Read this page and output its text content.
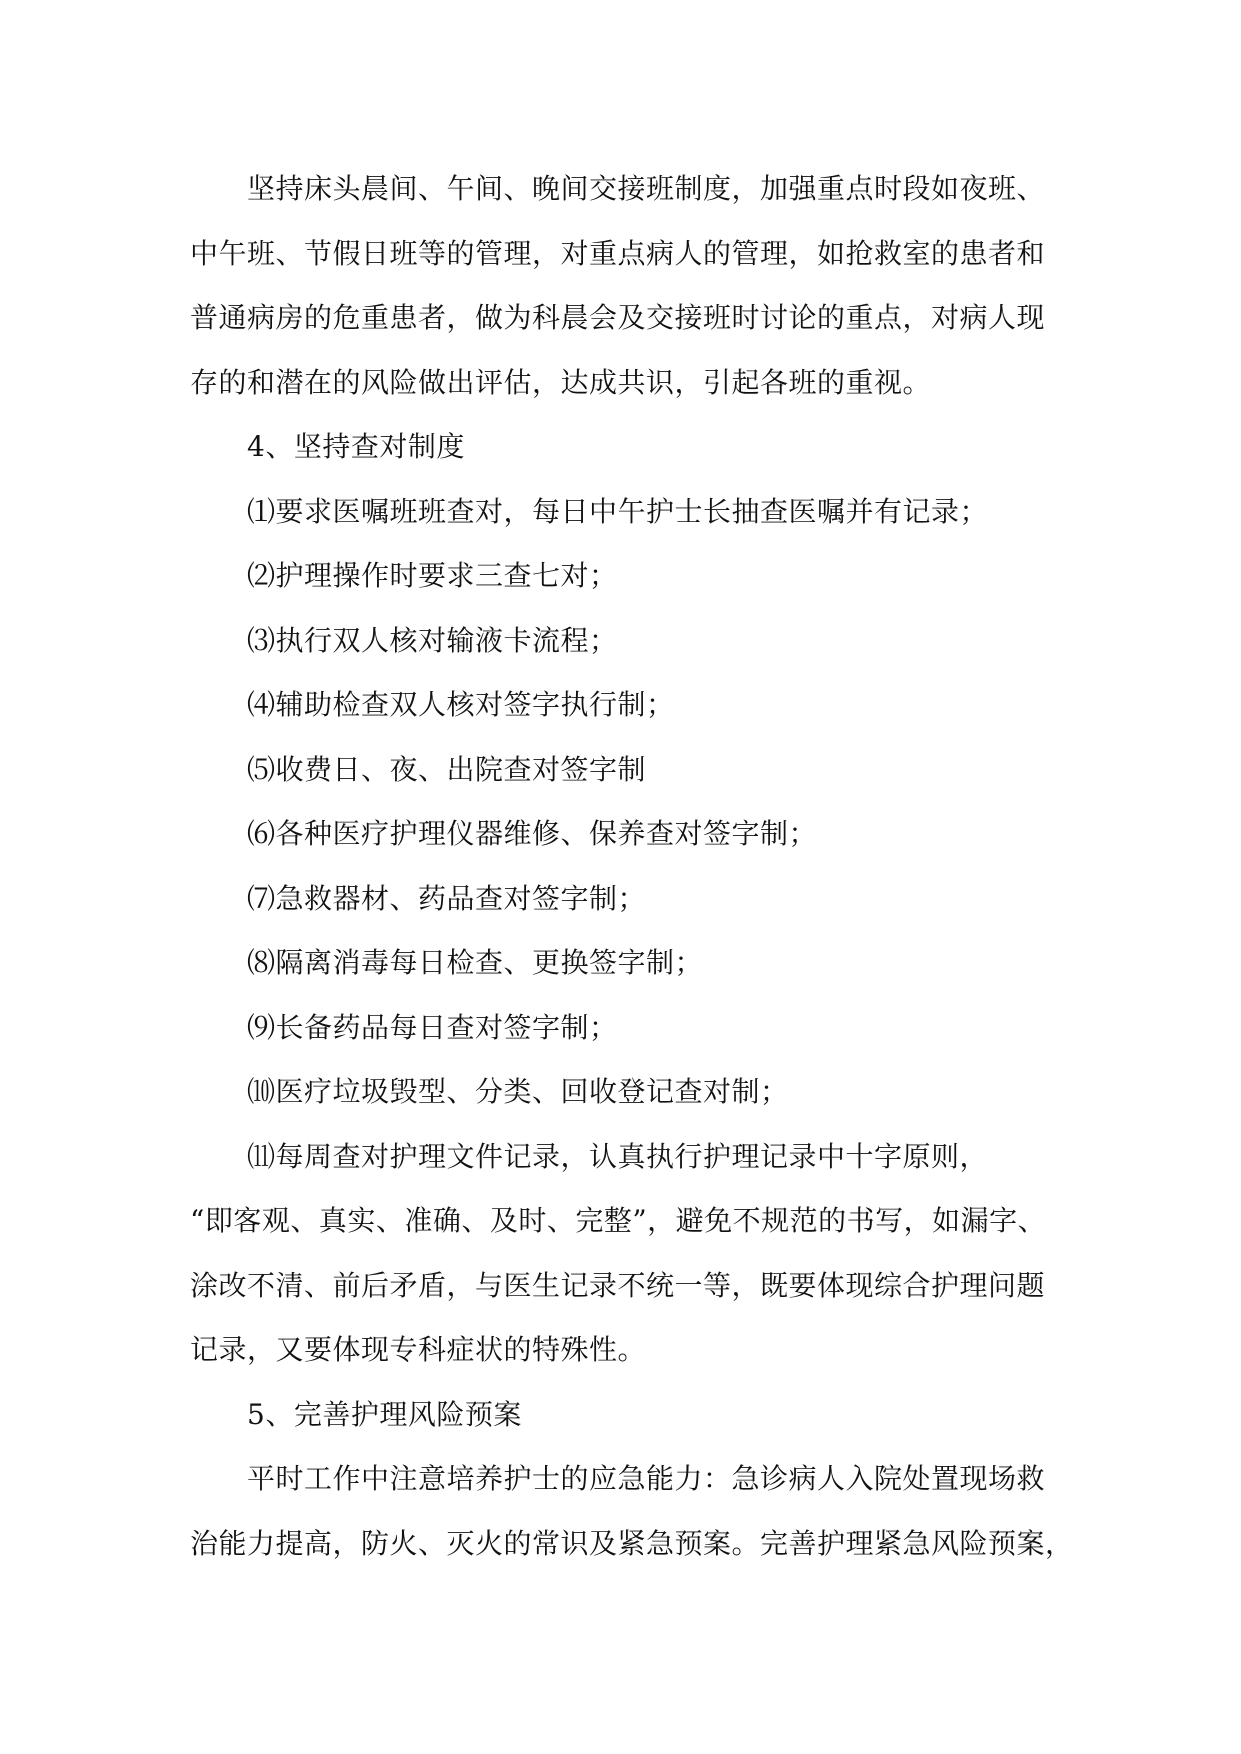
坚持床头晨间、午间、晚间交接班制度，加强重点时段如夜班、
中午班、节假日班等的管理，对重点病人的管理，如抢救室的患者和
普通病房的危重患者，做为科晨会及交接班时讨论的重点，对病人现
存的和潜在的风险做出评估，达成共识，引起各班的重视。
4、坚持查对制度
⑴要求医嘱班班查对，每日中午护士长抽查医嘱并有记录；
⑵护理操作时要求三查七对；
⑶执行双人核对输液卡流程；
⑷辅助检查双人核对签字执行制；
⑸收费日、夜、出院查对签字制
⑹各种医疗护理仪器维修、保养查对签字制；
⑺急救器材、药品查对签字制；
⑻隔离消毒每日检查、更换签字制；
⑼长备药品每日查对签字制；
⑽医疗垃圾毁型、分类、回收登记查对制；
⑾每周查对护理文件记录，认真执行护理记录中十字原则，
“即客观、真实、准确、及时、完整”，避免不规范的书写，如漏字、
涂改不清、前后矛盾，与医生记录不统一等，既要体现综合护理问题
记录，又要体现专科症状的特殊性。
5、完善护理风险预案
平时工作中注意培养护士的应急能力：急诊病人入院处置现场救
治能力提高，防火、灭火的常识及紧急预案。完善护理紧急风险预案，
